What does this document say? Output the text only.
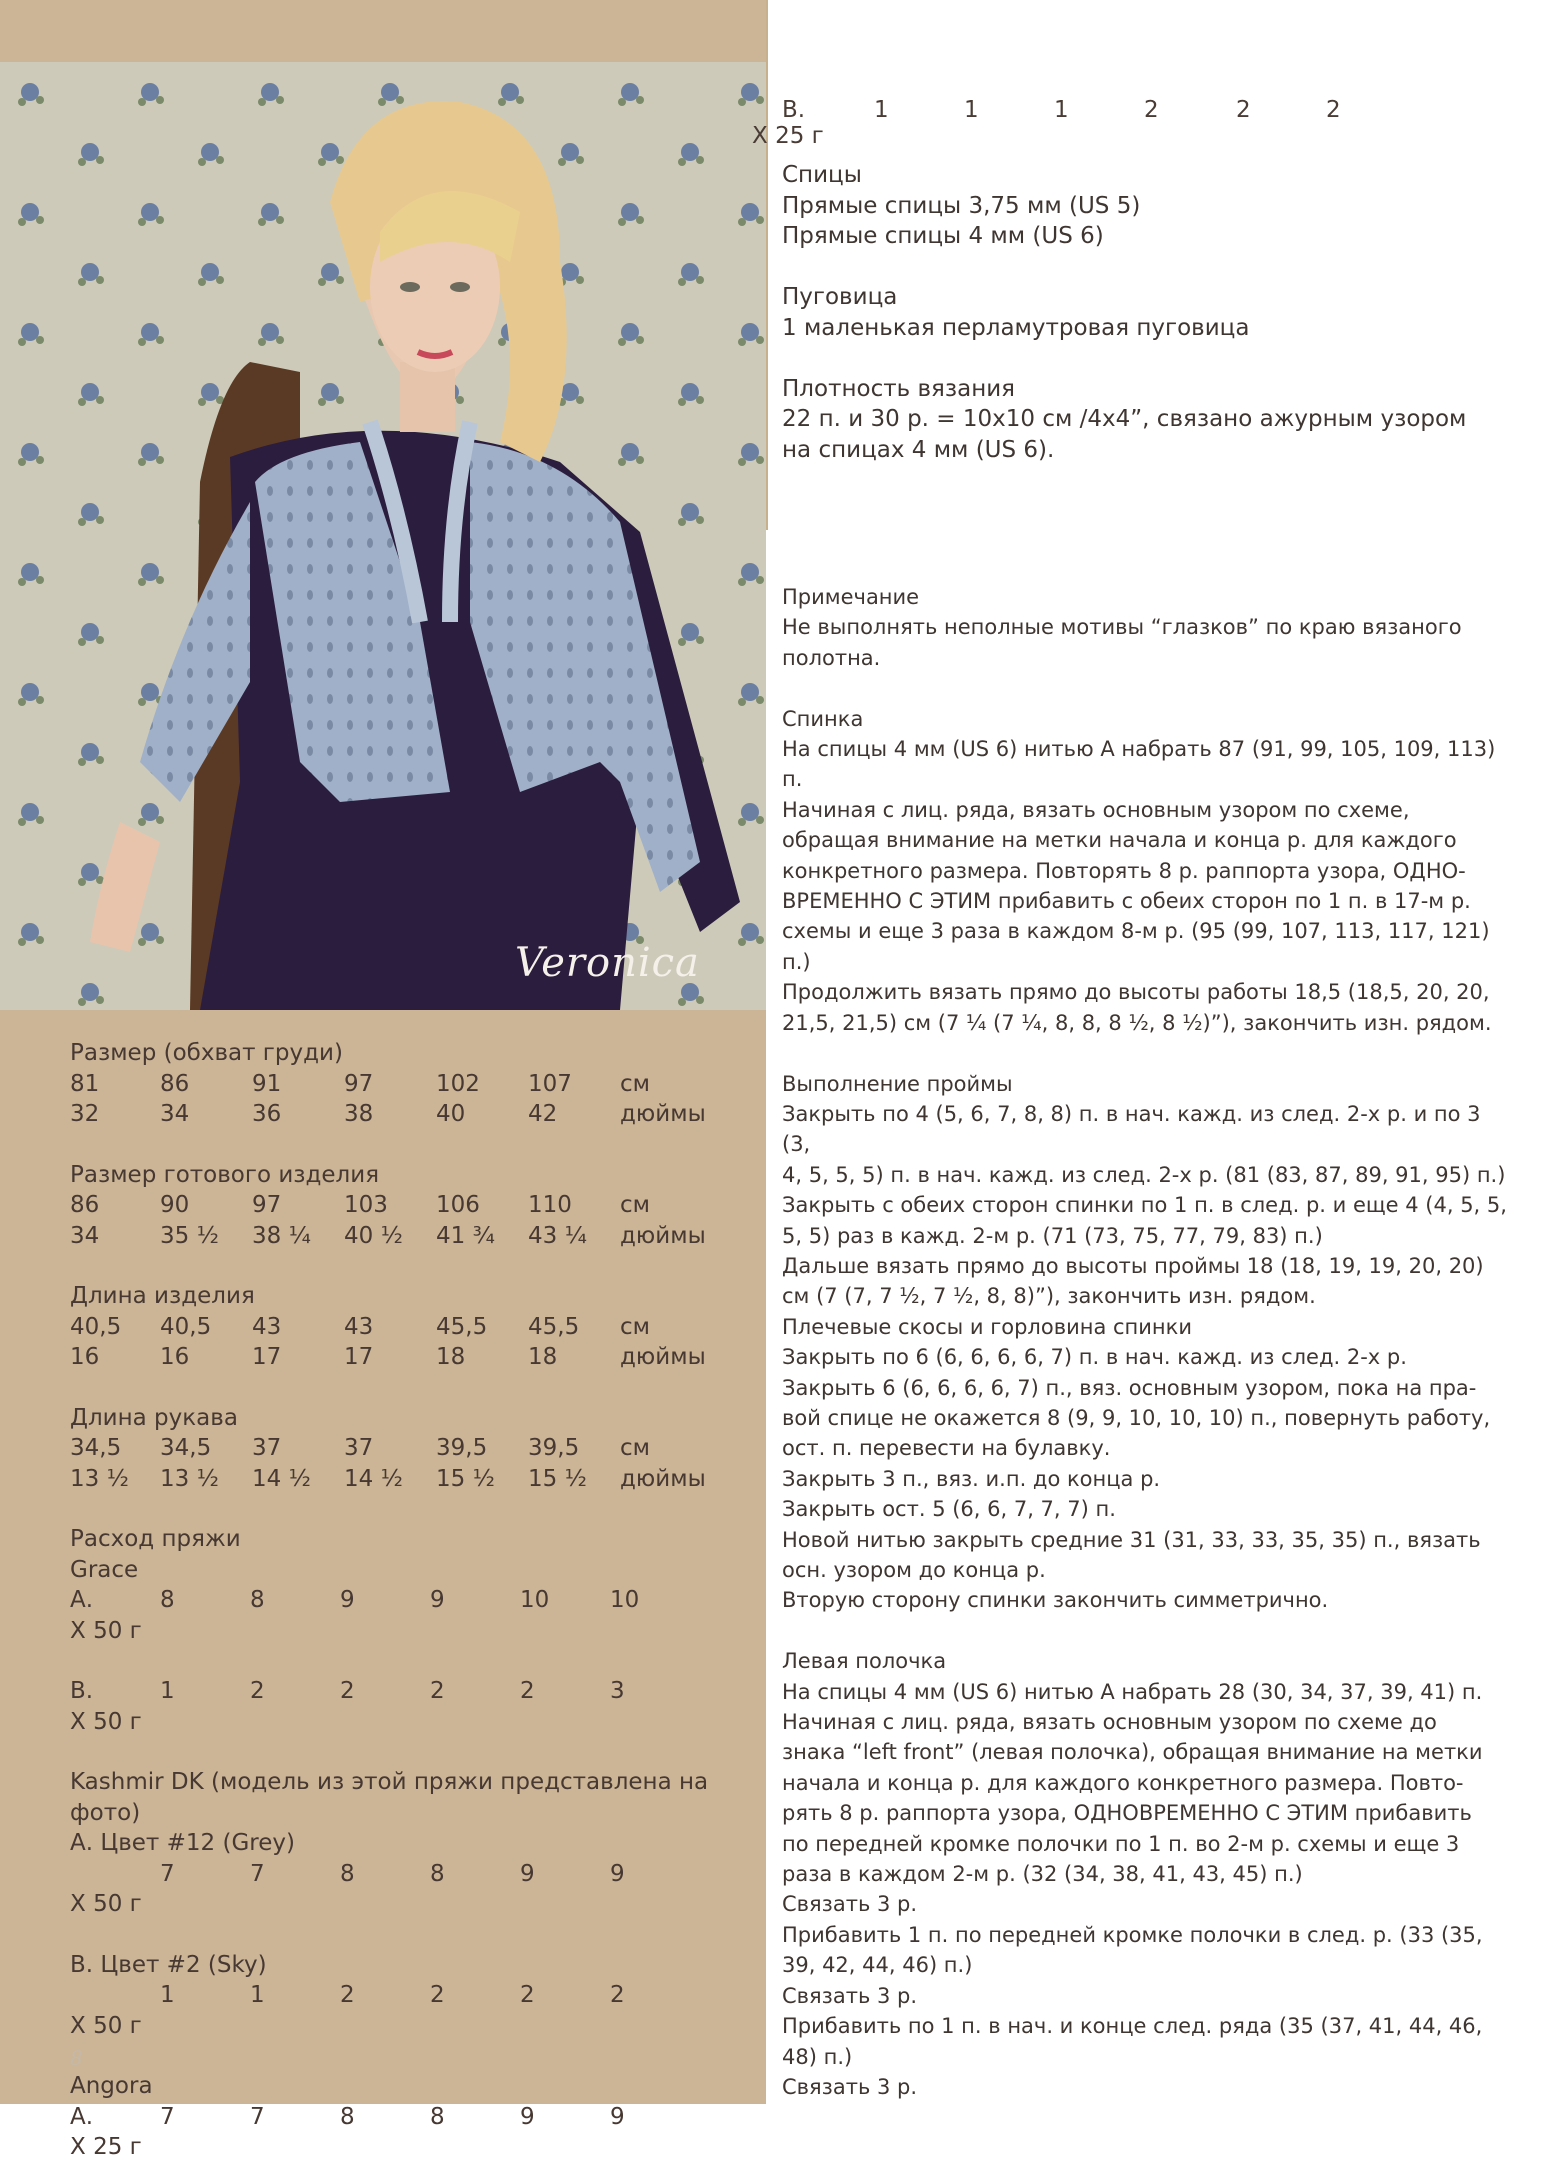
Veronica
В.	1	1	1	2	2	2
Х 25 г

Спицы

Прямые спицы 3,75 мм (US 5)

Прямые спицы 4 мм (US 6)

Пуговица

1 маленькая перламутровая пуговица

Плотность вязания

22 п. и 30 р. = 10х10 см /4х4”, связано ажурным узором

на спицах 4 мм (US 6).

Примечание

Не выполнять неполные мотивы “глазков” по краю вязаного

полотна.

Спинка

На спицы 4 мм (US 6) нитью А набрать 87 (91, 99, 105, 109, 113) п.

Начиная с лиц. ряда, вязать основным узором по схеме,

обращая внимание на метки начала и конца р. для каждого

конкретного размера. Повторять 8 р. раппорта узора, ОДНО-

ВРЕМЕННО С ЭТИМ прибавить с обеих сторон по 1 п. в 17-м р.

схемы и еще 3 раза в каждом 8-м р. (95 (99, 107, 113, 117, 121) п.)

Продолжить вязать прямо до высоты работы 18,5 (18,5, 20, 20,

21,5, 21,5) см (7 ¼ (7 ¼, 8, 8, 8 ½, 8 ½)”), закончить изн. рядом.

Выполнение проймы

Закрыть по 4 (5, 6, 7, 8, 8) п. в нач. кажд. из след. 2-х р. и по 3 (3,

4, 5, 5, 5) п. в нач. кажд. из след. 2-х р. (81 (83, 87, 89, 91, 95) п.)

Закрыть с обеих сторон спинки по 1 п. в след. р. и еще 4 (4, 5, 5,

5, 5) раз в кажд. 2-м р. (71 (73, 75, 77, 79, 83) п.)

Дальше вязать прямо до высоты проймы 18 (18, 19, 19, 20, 20)

см (7 (7, 7 ½, 7 ½, 8, 8)”), закончить изн. рядом.

Плечевые скосы и горловина спинки

Закрыть по 6 (6, 6, 6, 6, 7) п. в нач. кажд. из след. 2-х р.

Закрыть 6 (6, 6, 6, 6, 7) п., вяз. основным узором, пока на пра-

вой спице не окажется 8 (9, 9, 10, 10, 10) п., повернуть работу,

ост. п. перевести на булавку.

Закрыть 3 п., вяз. и.п. до конца р.

Закрыть ост. 5 (6, 6, 7, 7, 7) п.

Новой нитью закрыть средние 31 (31, 33, 33, 35, 35) п., вязать

осн. узором до конца р.

Вторую сторону спинки закончить симметрично.

Левая полочка

На спицы 4 мм (US 6) нитью А набрать 28 (30, 34, 37, 39, 41) п.

Начиная с лиц. ряда, вязать основным узором по схеме до

знака “left front” (левая полочка), обращая внимание на метки

начала и конца р. для каждого конкретного размера. Повто-

рять 8 р. раппорта узора, ОДНОВРЕМЕННО С ЭТИМ прибавить

по передней кромке полочки по 1 п. во 2-м р. схемы и еще 3

раза в каждом 2-м р. (32 (34, 38, 41, 43, 45) п.)

Связать 3 р.

Прибавить 1 п. по передней кромке полочки в след. р. (33 (35,

39, 42, 44, 46) п.)

Связать 3 р.

Прибавить по 1 п. в нач. и конце след. ряда (35 (37, 41, 44, 46,

48) п.)

Связать 3 р.

Размер (обхват груди)
81	86	91	97	102	107	см
32	34	36	38	40	42	дюймы
Размер готового изделия
86	90	97	103	106	110	см
34	35 ½	38 ¼	40 ½	41 ¾	43 ¼	дюймы
Длина изделия
40,5	40,5	43	43	45,5	45,5	см
16	16	17	17	18	18	дюймы
Длина рукава
34,5	34,5	37	37	39,5	39,5	см
13 ½	13 ½	14 ½	14 ½	15 ½	15 ½	дюймы
Расход пряжи
Grace
А.	8	8	9	9	10	10
Х 50 г
В.	1	2	2	2	2	3
Х 50 г
Kashmir DK (модель из этой пряжи представлена на фото)
А. Цвет #12 (Grey)
7	7	8	8	9	9
Х 50 г
В. Цвет #2 (Sky)
1	1	2	2	2	2
Х 50 г
Angora
А.	7	7	8	8	9	9
Х 25 г
8
